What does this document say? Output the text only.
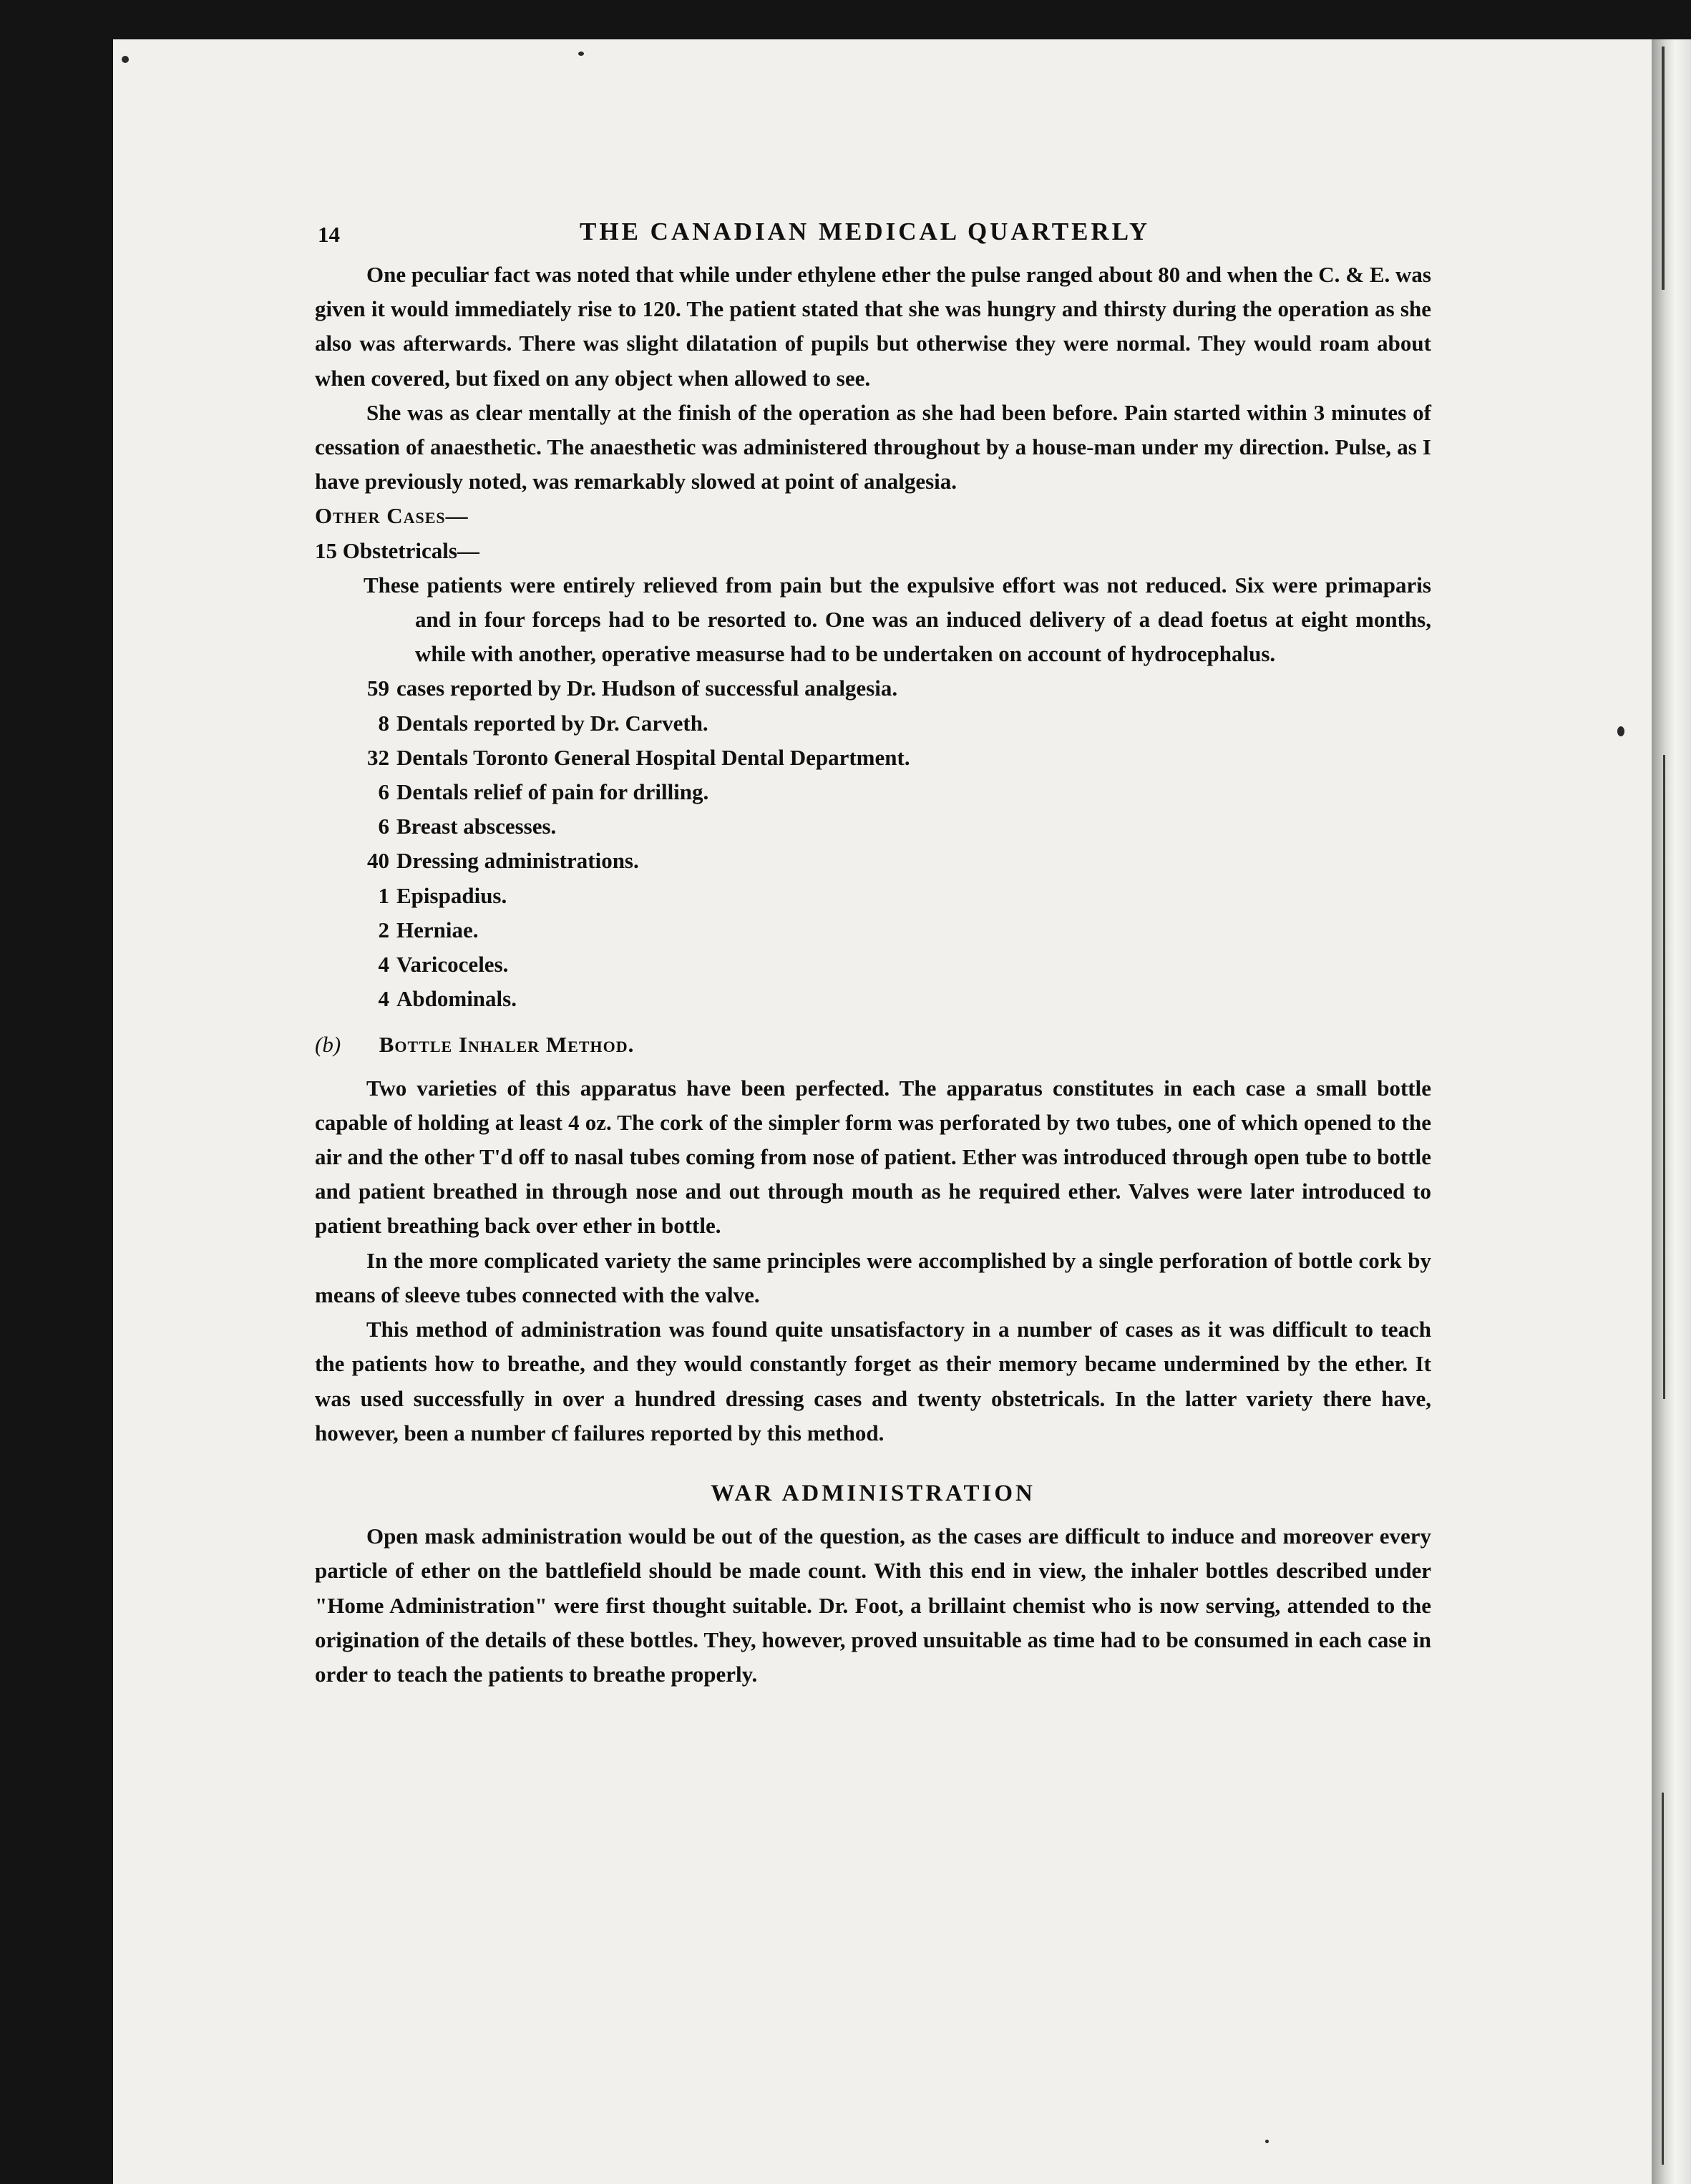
14	THE CANADIAN MEDICAL QUARTERLY

One peculiar fact was noted that while under ethylene ether the pulse ranged about 80 and when the C. & E. was given it would immediately rise to 120. The patient stated that she was hungry and thirsty during the operation as she also was afterwards. There was slight dilatation of pupils but otherwise they were normal. They would roam about when covered, but fixed on any object when allowed to see.

She was as clear mentally at the finish of the operation as she had been before. Pain started within 3 minutes of cessation of anaesthetic. The anaesthetic was administered throughout by a house-man under my direction. Pulse, as I have previously noted, was remarkably slowed at point of analgesia.

Other Cases—

15 Obstetricals—

These patients were entirely relieved from pain but the expulsive effort was not reduced. Six were primaparis and in four forceps had to be resorted to. One was an induced delivery of a dead foetus at eight months, while with another, operative measurse had to be undertaken on account of hydrocephalus.

59 cases reported by Dr. Hudson of successful analgesia.
8 Dentals reported by Dr. Carveth.
32 Dentals Toronto General Hospital Dental Department.
6 Dentals relief of pain for drilling.
6 Breast abscesses.
40 Dressing administrations.
1 Epispadius.
2 Herniae.
4 Varicoceles.
4 Abdominals.

(b) Bottle Inhaler Method.

Two varieties of this apparatus have been perfected. The apparatus constitutes in each case a small bottle capable of holding at least 4 oz. The cork of the simpler form was perforated by two tubes, one of which opened to the air and the other T'd off to nasal tubes coming from nose of patient. Ether was introduced through open tube to bottle and patient breathed in through nose and out through mouth as he required ether. Valves were later introduced to patient breathing back over ether in bottle.

In the more complicated variety the same principles were accomplished by a single perforation of bottle cork by means of sleeve tubes connected with the valve.

This method of administration was found quite unsatisfactory in a number of cases as it was difficult to teach the patients how to breathe, and they would constantly forget as their memory became undermined by the ether. It was used successfully in over a hundred dressing cases and twenty obstetricals. In the latter variety there have, however, been a number cf failures reported by this method.

WAR ADMINISTRATION

Open mask administration would be out of the question, as the cases are difficult to induce and moreover every particle of ether on the battlefield should be made count. With this end in view, the inhaler bottles described under "Home Administration" were first thought suitable. Dr. Foot, a brillaint chemist who is now serving, attended to the origination of the details of these bottles. They, however, proved unsuitable as time had to be consumed in each case in order to teach the patients to breathe properly.
